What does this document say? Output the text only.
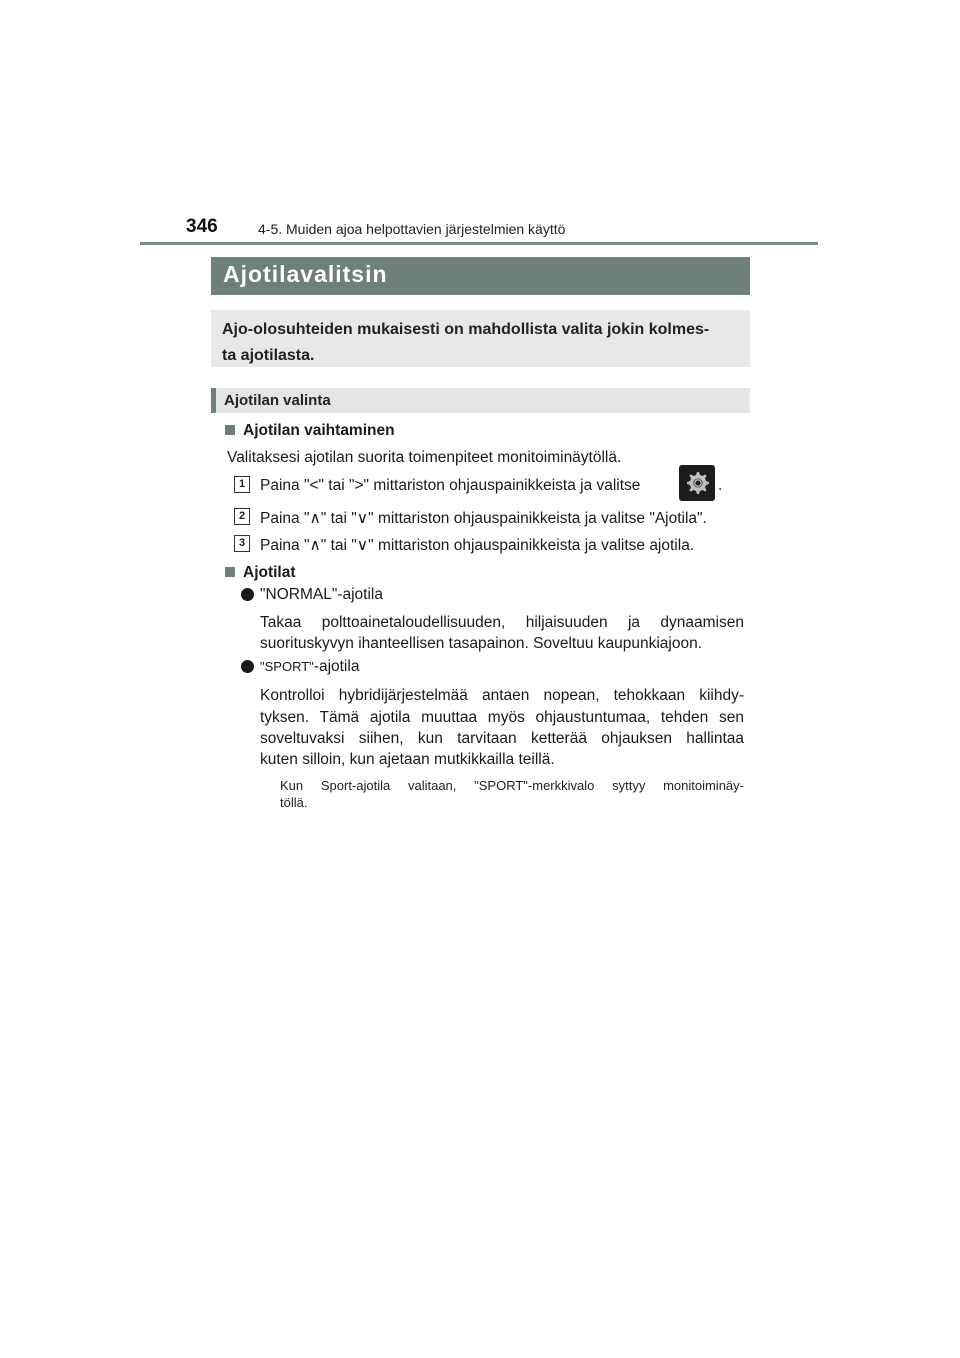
346	4-5. Muiden ajoa helpottavien järjestelmien käyttö
Ajotilavalitsin

Ajo-olosuhteiden mukaisesti on mahdollista valita jokin kolmes-
ta ajotilasta.

Ajotilan valinta
Ajotilan vaihtaminen
Valitaksesi ajotilan suorita toimenpiteet monitoiminäytöllä.
1 Paina "<" tai ">" mittariston ohjauspainikkeista ja valitse	.
2 Paina "∧" tai "∨" mittariston ohjauspainikkeista ja valitse "Ajotila".
3 Paina "∧" tai "∨" mittariston ohjauspainikkeista ja valitse ajotila.
Ajotilat
"NORMAL"-ajotila
Takaa polttoainetaloudellisuuden, hiljaisuuden ja dynaamisen
suorituskyvyn ihanteellisen tasapainon. Soveltuu kaupunkiajoon.
"SPORT"-ajotila
Kontrolloi hybridijärjestelmää antaen nopean, tehokkaan kiihdy-
tyksen. Tämä ajotila muuttaa myös ohjaustuntumaa, tehden sen
soveltuvaksi siihen, kun tarvitaan ketterää ohjauksen hallintaa
kuten silloin, kun ajetaan mutkikkailla teillä.
Kun Sport-ajotila valitaan, "SPORT"-merkkivalo syttyy monitoiminäy-
töllä.
